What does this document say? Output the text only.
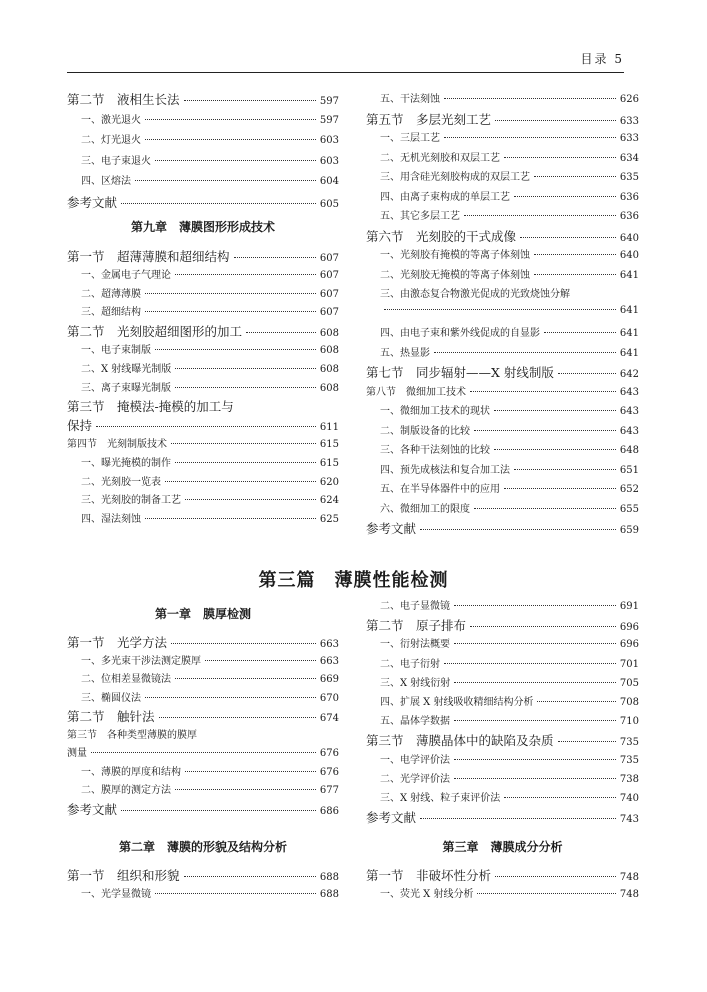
目录 5
第九章　薄膜图形形成技术
第二节　液相生长法	597
一、激光退火	597
二、灯光退火	603
三、电子束退火	603
四、区熔法	604
参考文献	605
第一节　超薄薄膜和超细结构	607
一、金属电子气理论	607
二、超薄薄膜	607
三、超细结构	607
第二节　光刻胶超细图形的加工	608
一、电子束制版	608
二、X 射线曝光制版	608
三、离子束曝光制版	608
第三节　掩模法-掩模的加工与
保持	611
第四节　光刻制版技术	615
一、曝光掩模的制作	615
二、光刻胶一览表	620
三、光刻胶的制备工艺	624
四、湿法刻蚀	625
五、干法刻蚀	626
第五节　多层光刻工艺	633
一、三层工艺	633
二、无机光刻胶和双层工艺	634
三、用含硅光刻胶构成的双层工艺	635
四、由离子束构成的单层工艺	636
五、其它多层工艺	636
第六节　光刻胶的干式成像	640
一、光刻胶有掩模的等离子体刻蚀	640
二、光刻胶无掩模的等离子体刻蚀	641
三、由激态复合物激光促成的光致烧蚀分解
641
四、由电子束和紫外线促成的自显影	641
五、热显影	641
第七节　同步辐射——X 射线制版	642
第八节　微细加工技术	643
一、微细加工技术的现状	643
二、制版设备的比较	643
三、各种干法刻蚀的比较	648
四、预先成核法和复合加工法	651
五、在半导体器件中的应用	652
六、微细加工的限度	655
参考文献	659
第三篇　薄膜性能检测
第一章　膜厚检测
第二章　薄膜的形貌及结构分析
第一节　光学方法	663
一、多光束干涉法测定膜厚	663
二、位相差显微镜法	669
三、椭圆仪法	670
第二节　触针法	674
第三节　各种类型薄膜的膜厚
测量	676
一、薄膜的厚度和结构	676
二、膜厚的测定方法	677
参考文献	686
第一节　组织和形貌	688
一、光学显微镜	688
第三章　薄膜成分分析
二、电子显微镜	691
第二节　原子排布	696
一、衍射法概要	696
二、电子衍射	701
三、X 射线衍射	705
四、扩展 X 射线吸收精细结构分析	708
五、晶体学数据	710
第三节　薄膜晶体中的缺陷及杂质	735
一、电学评价法	735
二、光学评价法	738
三、X 射线、粒子束评价法	740
参考文献	743
第一节　非破坏性分析	748
一、荧光 X 射线分析	748
